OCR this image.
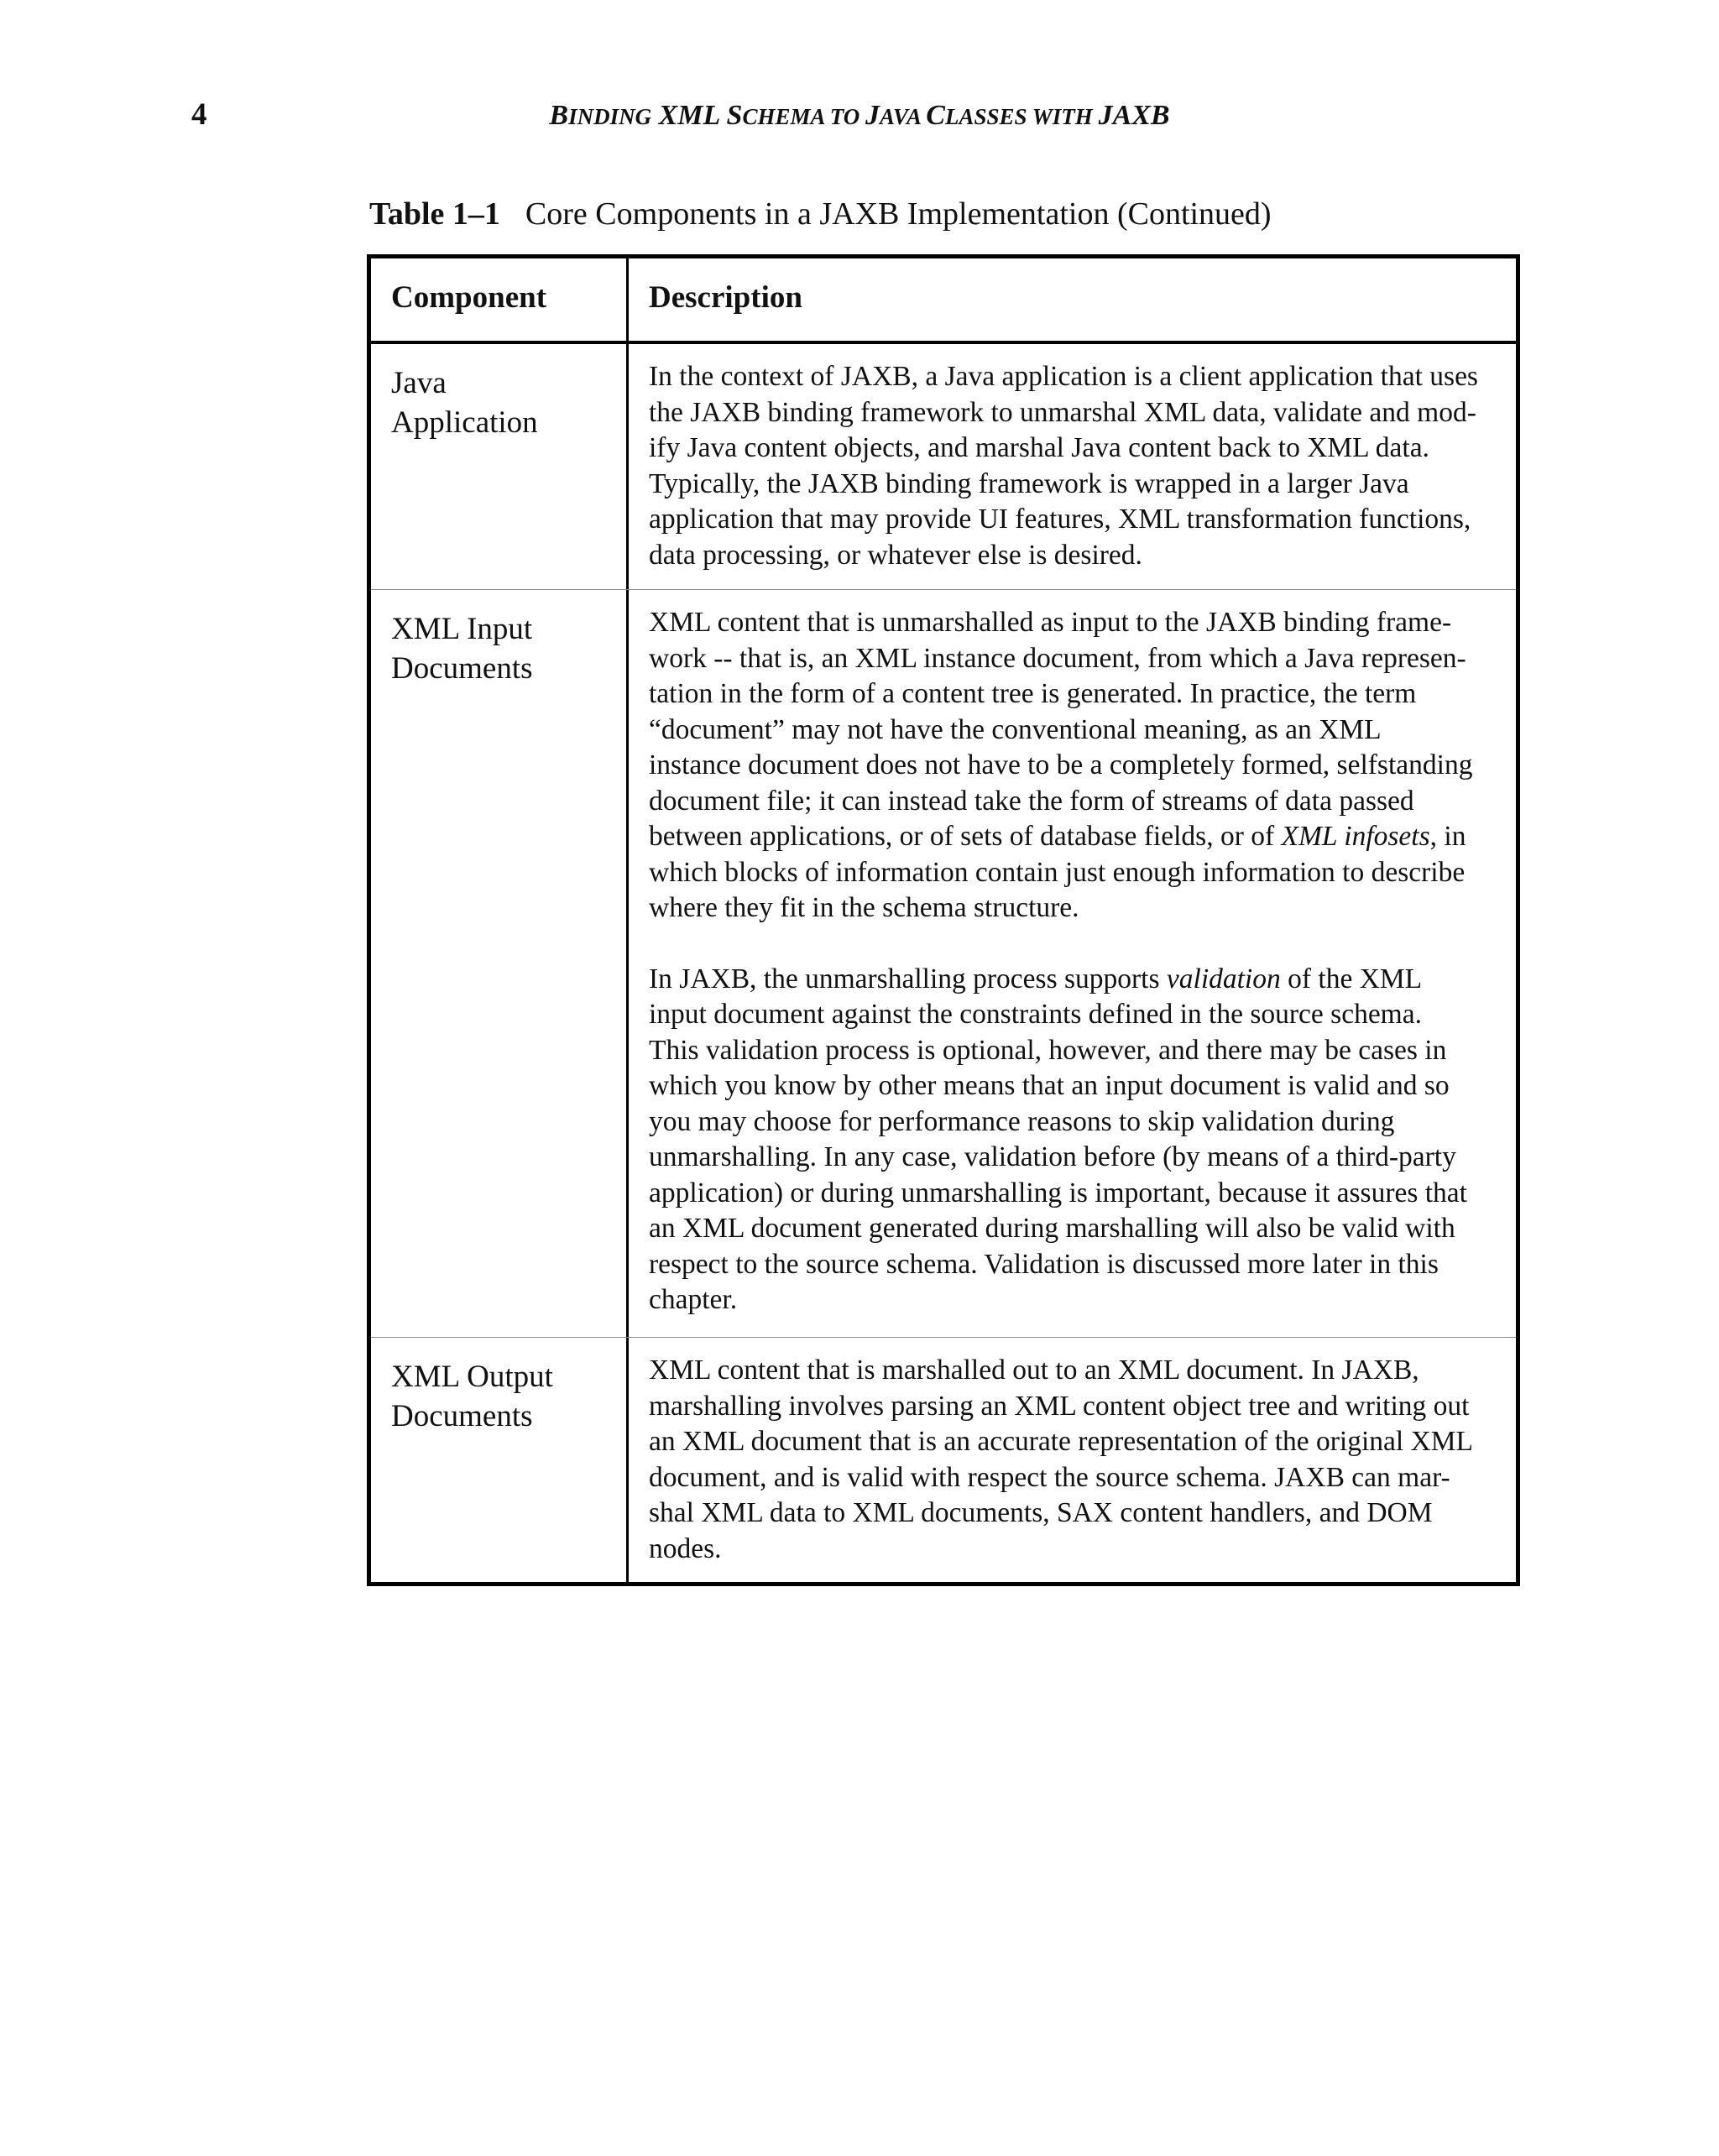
4	BINDING XML SCHEMA TO JAVA CLASSES WITH JAXB
Table 1–1 Core Components in a JAXB Implementation (Continued)
Component	Description
Java
Application

In the context of JAXB, a Java application is a client application that uses
the JAXB binding framework to unmarshal XML data, validate and mod-
ify Java content objects, and marshal Java content back to XML data.
Typically, the JAXB binding framework is wrapped in a larger Java
application that may provide UI features, XML transformation functions,
data processing, or whatever else is desired.

XML Input
Documents

XML content that is unmarshalled as input to the JAXB binding frame-
work -- that is, an XML instance document, from which a Java represen-
tation in the form of a content tree is generated. In practice, the term
“document” may not have the conventional meaning, as an XML
instance document does not have to be a completely formed, selfstanding
document file; it can instead take the form of streams of data passed
between applications, or of sets of database fields, or of XML infosets, in
which blocks of information contain just enough information to describe
where they fit in the schema structure.

In JAXB, the unmarshalling process supports validation of the XML
input document against the constraints defined in the source schema.
This validation process is optional, however, and there may be cases in
which you know by other means that an input document is valid and so
you may choose for performance reasons to skip validation during
unmarshalling. In any case, validation before (by means of a third-party
application) or during unmarshalling is important, because it assures that
an XML document generated during marshalling will also be valid with
respect to the source schema. Validation is discussed more later in this
chapter.

XML Output
Documents

XML content that is marshalled out to an XML document. In JAXB,
marshalling involves parsing an XML content object tree and writing out
an XML document that is an accurate representation of the original XML
document, and is valid with respect the source schema. JAXB can mar-
shal XML data to XML documents, SAX content handlers, and DOM
nodes.
